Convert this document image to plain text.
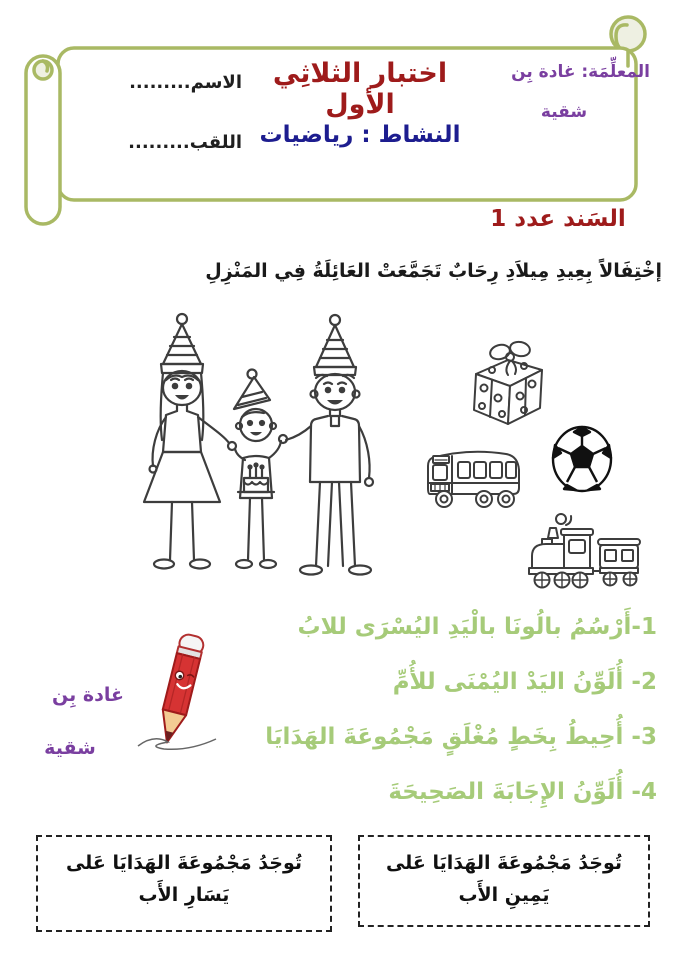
المعلِّمَة: غادة بِن
شقية
اختبار الثلاثِي الأول
النشاط : رياضيات
الاسم.........
اللقب.........
السَند عدد 1
إخْتِفَالاً بِعِيدِ مِيلاَدِ رِحَابٌ تَجَمَّعَتْ العَائِلَةُ فِي المَنْزِلِ
1-أَرْسُمُ بالُونَا بالْيَدِ اليُسْرَى للابُ
2- أُلَوِّنُ اليَدْ اليُمْنَى للأُمِّ
3- أُحِيطُ بِخَطٍ مُغْلَقٍ مَجْمُوعَةَ الهَدَايَا
4- أُلَوِّنُ الإِجَابَةَ الصَحِيحَةَ
غادة بِن
شقية
تُوجَدُ مَجْمُوعَةَ الهَدَايَا عَلى يَمِينِ الأَب
تُوجَدُ مَجْمُوعَةَ الهَدَايَا عَلى يَسَارِ الأَب
